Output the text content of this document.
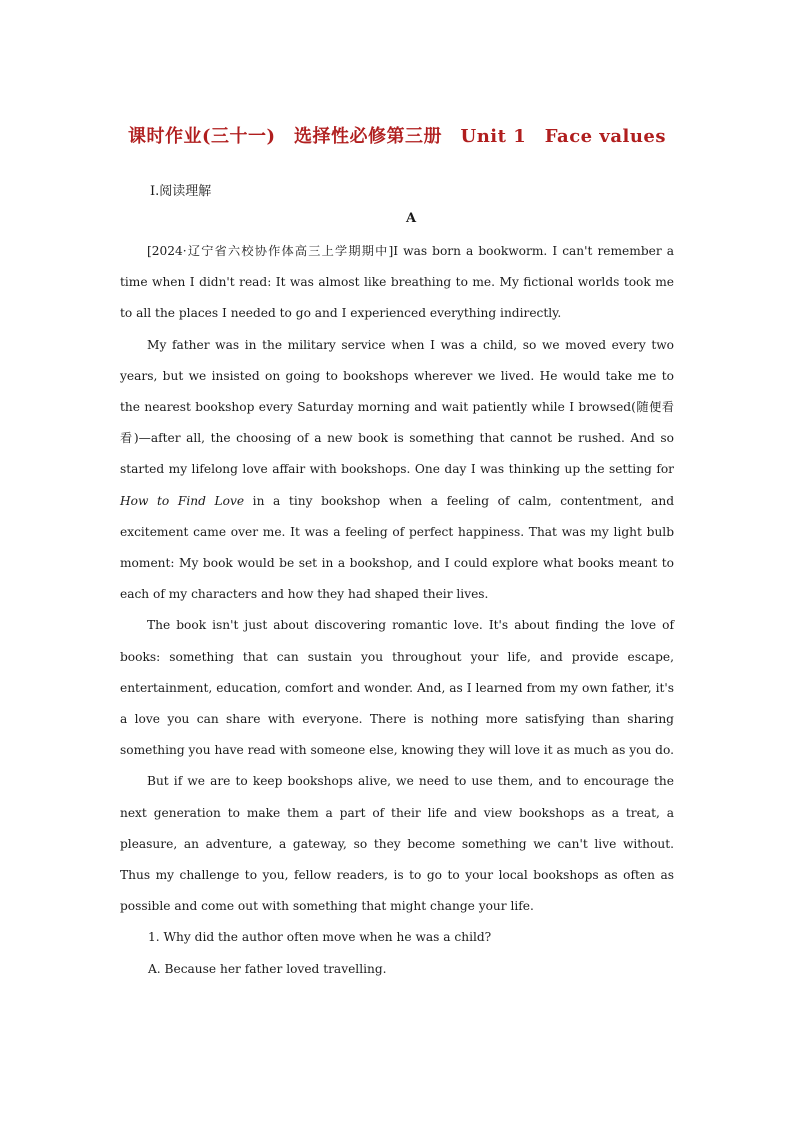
课时作业(三十一)　选择性必修第三册　Unit 1　Face values
Ⅰ.阅读理解
A

[2024·辽宁省六校协作体高三上学期期中]I was born a bookworm. I can't remember a time when I didn't read: It was almost like breathing to me. My fictional worlds took me to all the places I needed to go and I experienced everything indirectly.

My father was in the military service when I was a child, so we moved every two years, but we insisted on going to bookshops wherever we lived. He would take me to the nearest bookshop every Saturday morning and wait patiently while I browsed(随便看看)—after all, the choosing of a new book is something that cannot be rushed. And so started my lifelong love affair with bookshops. One day I was thinking up the setting for How to Find Love in a tiny bookshop when a feeling of calm, contentment, and excitement came over me. It was a feeling of perfect happiness. That was my light bulb moment: My book would be set in a bookshop, and I could explore what books meant to each of my characters and how they had shaped their lives.

The book isn't just about discovering romantic love. It's about finding the love of books: something that can sustain you throughout your life, and provide escape, entertainment, education, comfort and wonder. And, as I learned from my own father, it's a love you can share with everyone. There is nothing more satisfying than sharing something you have read with someone else, knowing they will love it as much as you do.

But if we are to keep bookshops alive, we need to use them, and to encourage the next generation to make them a part of their life and view bookshops as a treat, a pleasure, an adventure, a gateway, so they become something we can't live without. Thus my challenge to you, fellow readers, is to go to your local bookshops as often as possible and come out with something that might change your life.

1. Why did the author often move when he was a child?

A. Because her father loved travelling.
